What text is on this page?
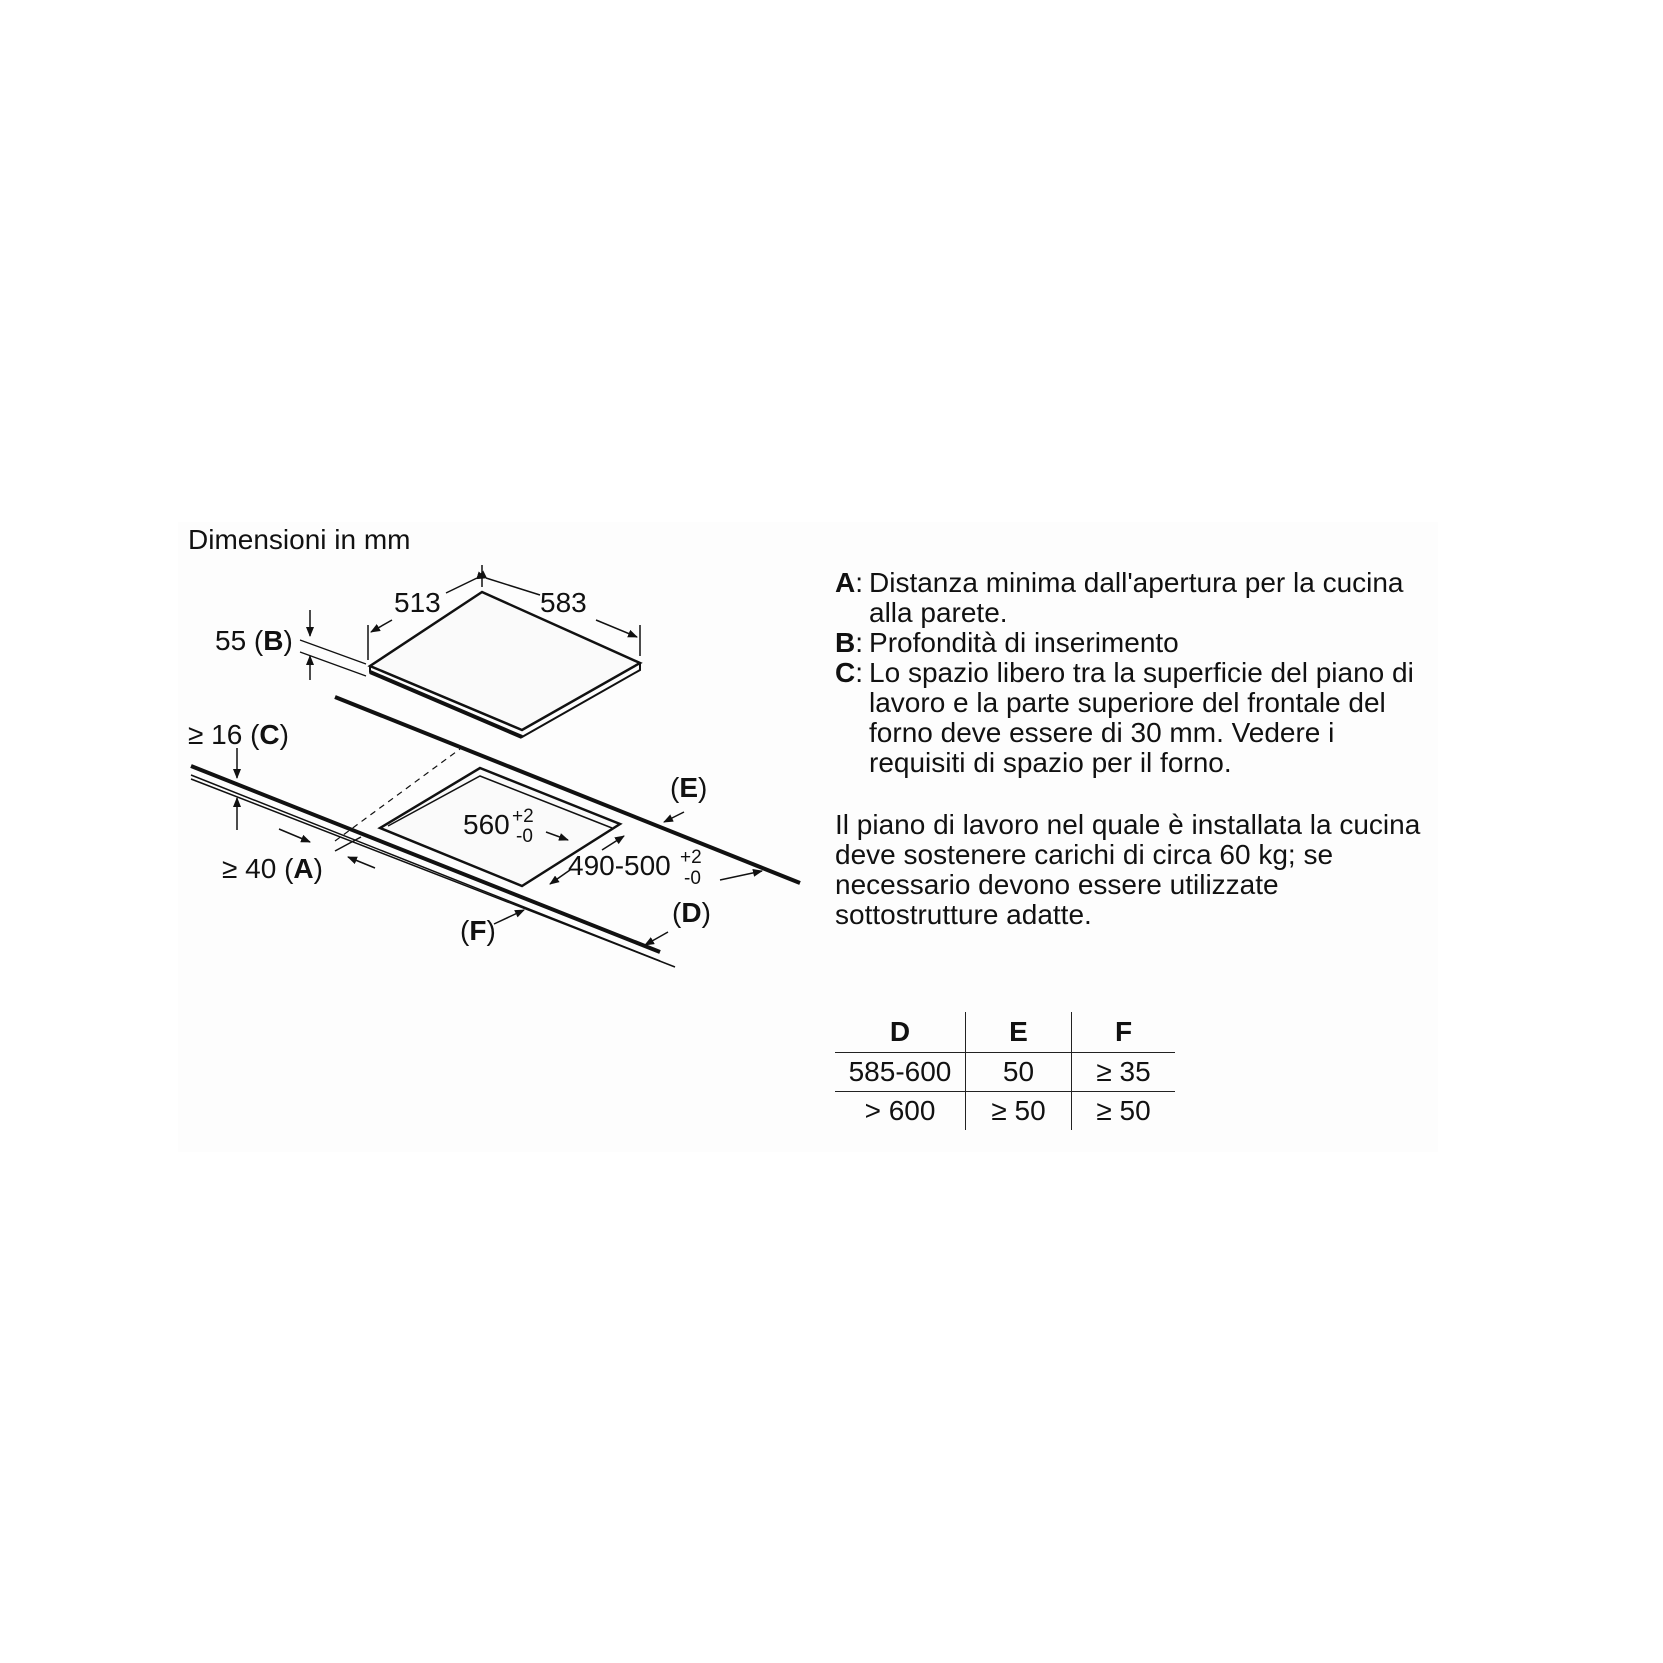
Dimensioni in mm
513	583
55 (B)
560 +2
-0
490-500 +2
-0
≥ 16 (C)
≥ 40 (A)
(E)
(D)
(F)
A : Distanza minima dall'apertura per la cucina alla parete.
B : Profondità di inserimento
C : Lo spazio libero tra la superficie del piano di lavoro e la parte superiore del frontale del forno deve essere di 30 mm. Vedere i requisiti di spazio per il forno.
Il piano di lavoro nel quale è installata la cucina deve sostenere carichi di circa 60 kg; se necessario devono essere utilizzate sottostrutture adatte.
D	E	F
585-600	50	≥ 35
> 600	≥ 50	≥ 50
